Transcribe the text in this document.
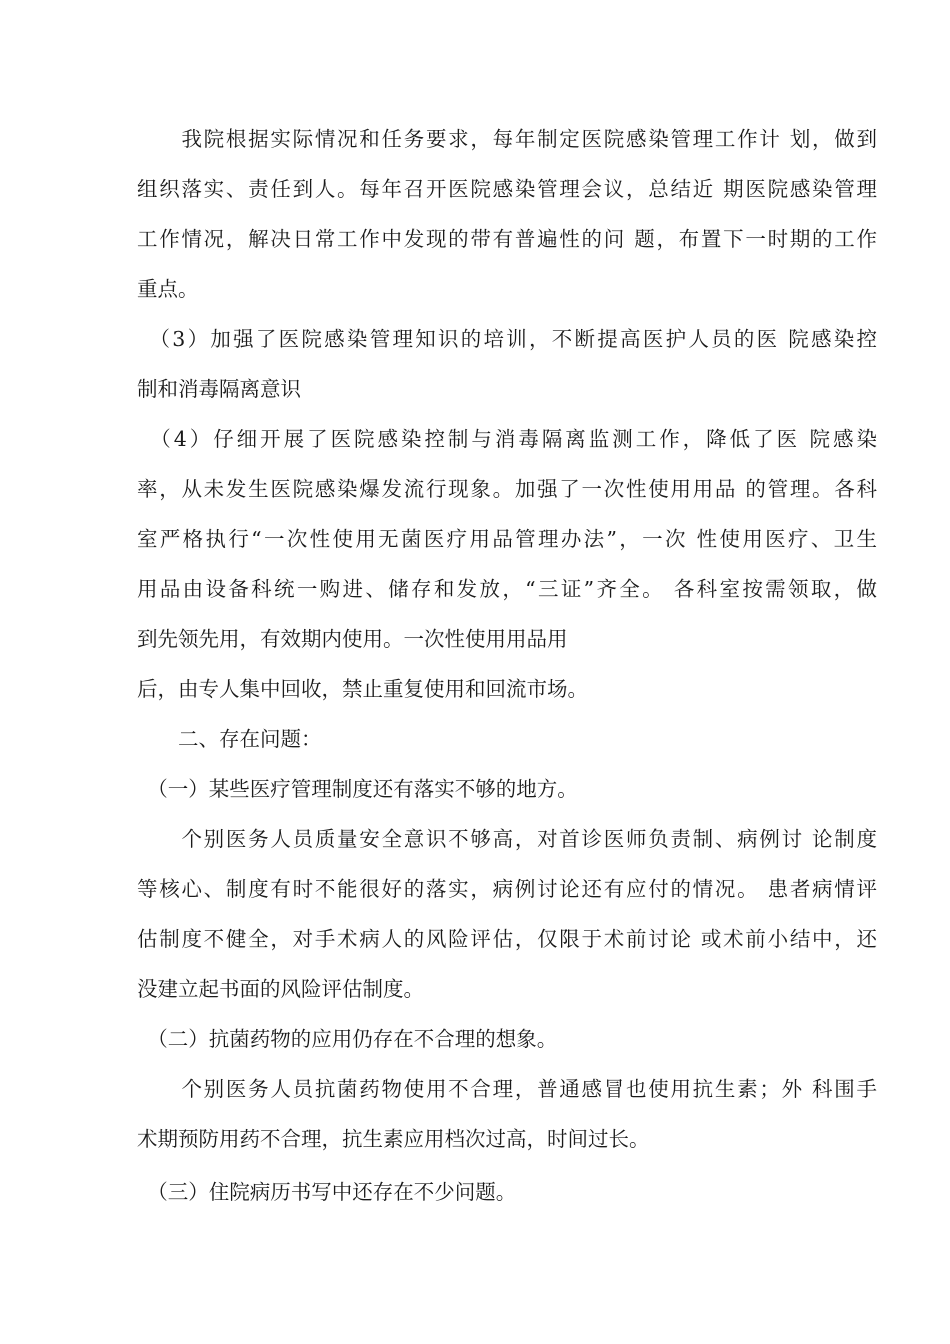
　　我院根据实际情况和任务要求，每年制定医院感染管理工作计 划，做到
组织落实、责任到人。每年召开医院感染管理会议，总结近 期医院感染管理
工作情况，解决日常工作中发现的带有普遍性的问 题，布置下一时期的工作
重点。
　（3）加强了医院感染管理知识的培训，不断提高医护人员的医 院感染控
制和消毒隔离意识
　（4）仔细开展了医院感染控制与消毒隔离监测工作，降低了医 院感染
率，从未发生医院感染爆发流行现象。加强了一次性使用用品 的管理。各科
室严格执行“一次性使用无菌医疗用品管理办法”，一次 性使用医疗、卫生
用品由设备科统一购进、储存和发放，“三证”齐全。 各科室按需领取，做
到先领先用，有效期内使用。一次性使用用品用
后，由专人集中回收，禁止重复使用和回流市场。
　　二、存在问题：
　（一）某些医疗管理制度还有落实不够的地方。
　　个别医务人员质量安全意识不够高，对首诊医师负责制、病例讨 论制度
等核心、制度有时不能很好的落实，病例讨论还有应付的情况。 患者病情评
估制度不健全，对手术病人的风险评估，仅限于术前讨论 或术前小结中，还
没建立起书面的风险评估制度。
　（二）抗菌药物的应用仍存在不合理的想象。
　　个别医务人员抗菌药物使用不合理，普通感冒也使用抗生素；外 科围手
术期预防用药不合理，抗生素应用档次过高，时间过长。
　（三）住院病历书写中还存在不少问题。
